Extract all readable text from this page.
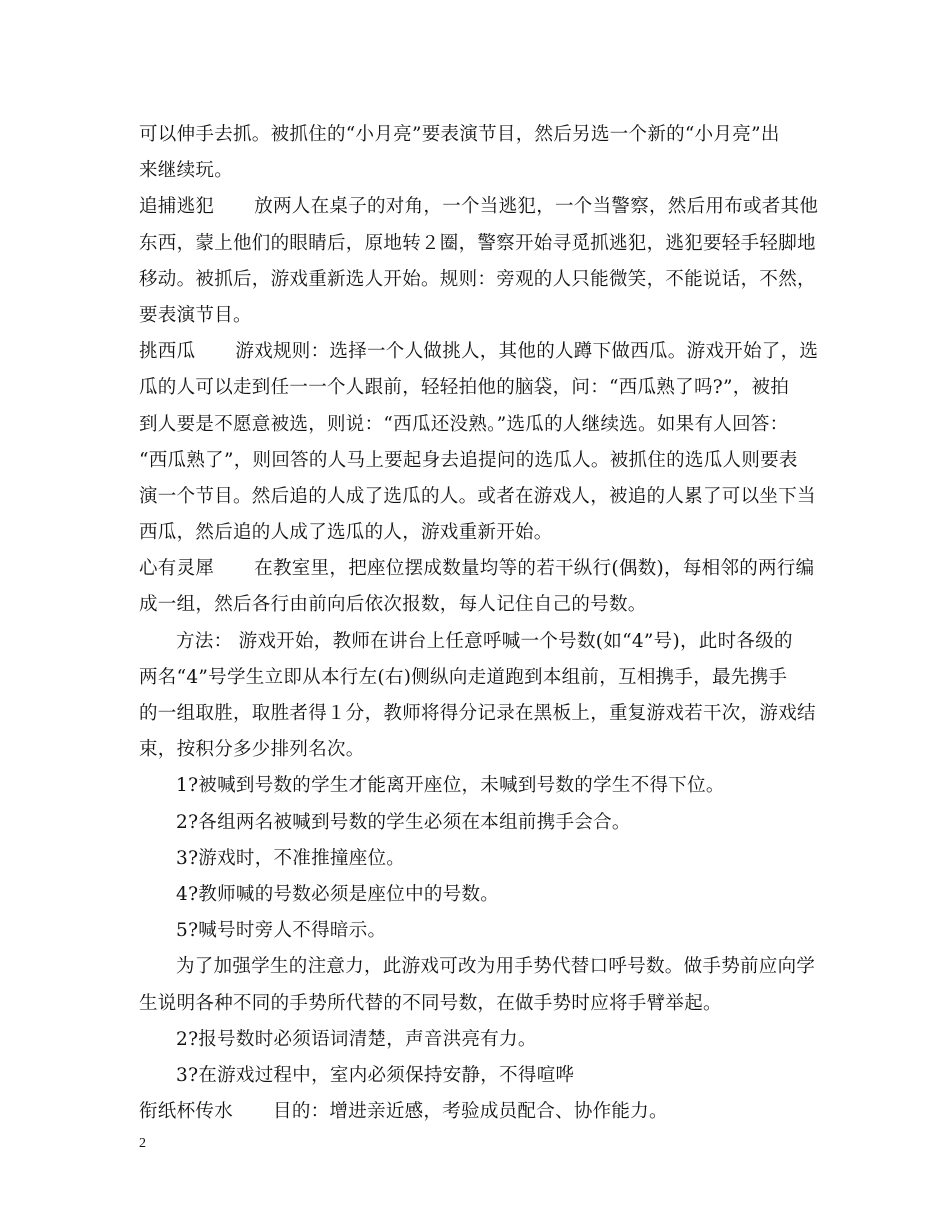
可以伸手去抓。被抓住的“小月亮”要表演节目，然后另选一个新的“小月亮”出
来继续玩。
追捕逃犯 放两人在桌子的对角，一个当逃犯，一个当警察，然后用布或者其他
东西，蒙上他们的眼睛后，原地转２圈，警察开始寻觅抓逃犯，逃犯要轻手轻脚地
移动。被抓后，游戏重新选人开始。规则：旁观的人只能微笑，不能说话，不然，
要表演节目。
挑西瓜 游戏规则：选择一个人做挑人，其他的人蹲下做西瓜。游戏开始了，选
瓜的人可以走到任一一个人跟前，轻轻拍他的脑袋，问：“西瓜熟了吗?”，被拍
到人要是不愿意被选，则说：“西瓜还没熟。”选瓜的人继续选。如果有人回答：
“西瓜熟了”，则回答的人马上要起身去追提问的选瓜人。被抓住的选瓜人则要表
演一个节目。然后追的人成了选瓜的人。或者在游戏人，被追的人累了可以坐下当
西瓜，然后追的人成了选瓜的人，游戏重新开始。
心有灵犀 在教室里，把座位摆成数量均等的若干纵行(偶数)，每相邻的两行编
成一组，然后各行由前向后依次报数，每人记住自己的号数。
方法： 游戏开始，教师在讲台上任意呼喊一个号数(如“4”号)，此时各级的
两名“4”号学生立即从本行左(右)侧纵向走道跑到本组前，互相携手，最先携手
的一组取胜，取胜者得１分，教师将得分记录在黑板上，重复游戏若干次，游戏结
束，按积分多少排列名次。
1?被喊到号数的学生才能离开座位，未喊到号数的学生不得下位。
2?各组两名被喊到号数的学生必须在本组前携手会合。
3?游戏时，不准推撞座位。
4?教师喊的号数必须是座位中的号数。
5?喊号时旁人不得暗示。
为了加强学生的注意力，此游戏可改为用手势代替口呼号数。做手势前应向学
生说明各种不同的手势所代替的不同号数，在做手势时应将手臂举起。
2?报号数时必须语词清楚，声音洪亮有力。
3?在游戏过程中，室内必须保持安静，不得喧哗
衔纸杯传水 目的：增进亲近感，考验成员配合、协作能力。
2
